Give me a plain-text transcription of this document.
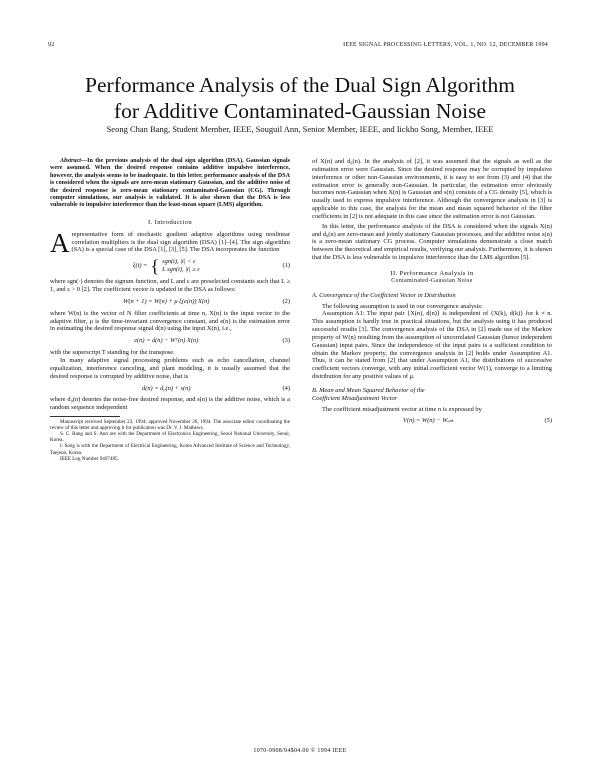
92	IEEE SIGNAL PROCESSING LETTERS, VOL. 1, NO. 12, DECEMBER 1994
Performance Analysis of the Dual Sign Algorithm
for Additive Contaminated-Gaussian Noise
Seong Chan Bang, Student Member, IEEE, Souguil Ann, Senior Member, IEEE, and Iickho Song, Member, IEEE

Abstract—In the previous analysis of the dual sign algorithm (DSA), Gaussian signals were assumed. When the desired response contains additive impulsive interference, however, the analysis seems to be inadequate. In this letter, performance analysis of the DSA is considered when the signals are zero-mean stationary Gaussian, and the additive noise of the desired response is zero-mean stationary contaminated-Gaussian (CG). Through computer simulations, our analysis is validated. It is also shown that the DSA is less vulnerable to impulsive interference than the least-mean square (LMS) algorithm.

I. Introduction

Arepresentative form of stochastic gradient adaptive algorithms using nonlinear correlation multipliers is the dual sign algorithm (DSA) [1]–[4]. The sign algorithm (SA) is a special case of the DSA [1], [3], [5]. The DSA incorporates the function

ξ(t) = { sgn(t), |t| < ε
L sgn(t), |t| ≥ ε
(1)

where sgn(·) denotes the signum function, and L and ε are preselected constants such that L ≥ 1, and ε > 0 [2]. The coefficient vector is updated in the DSA as follows:

W(n + 1) = W(n) + μ ξ(e(n)) X(n)	(2)

where W(n) is the vector of N filter coefficients at time n, X(n) is the input vector to the adaptive filter, μ is the time-invariant convergence constant, and e(n) is the estimation error in estimating the desired response signal d(n) using the input X(n), i.e.,

e(n) = d(n) − Wᵀ(n) X(n)	(3)

with the superscript T standing for the transpose.

In many adaptive signal processing problems such as echo cancellation, channel equalization, interference canceling, and plant modeling, it is usually assumed that the desired response is corrupted by additive noise, that is

d(n) = d₀(n) + s(n)	(4)

where d₀(n) denotes the noise-free desired response, and s(n) is the additive noise, which is a random sequence independent

Manuscript received September 23, 1994; approved November 26, 1994. The associate editor coordinating the review of this letter and approving it for publication was Dr. V. J. Mathews.

S. C. Bang and S. Ann are with the Department of Electronics Engineering, Seoul National University, Seoul, Korea.

I. Song is with the Department of Electrical Engineering, Korea Advanced Institute of Science and Technology, Taejeon, Korea.

IEEE Log Number 9407485.

of X(n) and d₀(n). In the analysis of [2], it was assumed that the signals as well as the estimation error were Gaussian. Since the desired response may be corrupted by impulsive interference or other non-Gaussian environments, it is easy to see from (3) and (4) that the estimation error is generally non-Gaussian. In particular, the estimation error obviously becomes non-Gaussian when X(n) is Gaussian and s(n) consists of a CG density [5], which is usually used to express impulsive interference. Although the convergence analysis in [3] is applicable to this case, the analysis for the mean and mean squared behavior of the filter coefficients in [2] is not adequate in this case since the estimation error is not Gaussian.

In this letter, the performance analysis of the DSA is considered when the signals X(n) and d₀(n) are zero-mean and jointly stationary Gaussian processes, and the additive noise s(n) is a zero-mean stationary CG process. Computer simulations demonstrate a close match between the theoretical and empirical results, verifying our analysis. Furthermore, it is shown that the DSA is less vulnerable to impulsive interference than the LMS algorithm [5].

II. Performance Analysis in

Contaminated-Gaussian Noise

A. Convergence of the Coefficient Vector in Distribution

The following assumption is used in our convergence analysis:

Assumption A1: The input pair {X(n), d(n)} is independent of {X(k), d(k)} for k ≠ n. This assumption is hardly true in practical situations, but the analysis using it has produced successful results [3]. The convergence analysis of the DSA in [2] made use of the Markov property of W(n) resulting from the assumption of uncorrelated Gaussian (hence independent Gaussian) input pairs. Since the independence of the input pairs is a sufficient condition to obtain the Markov property, the convergence analysis in [2] holds under Assumption A1. Thus, it can be stated from [2] that under Assumption A1, the distributions of successive coefficient vectors converge, with any initial coefficient vector W(1), converge to a limiting distribution for any positive values of μ.

B. Mean and Mean Squared Behavior of the

Coefficient Misadjustment Vector

The coefficient misadjustment vector at time n is expressed by

V(n) = W(n) − Wₒₚₜ	(5)
1070-9908/94$04.00 © 1994 IEEE
